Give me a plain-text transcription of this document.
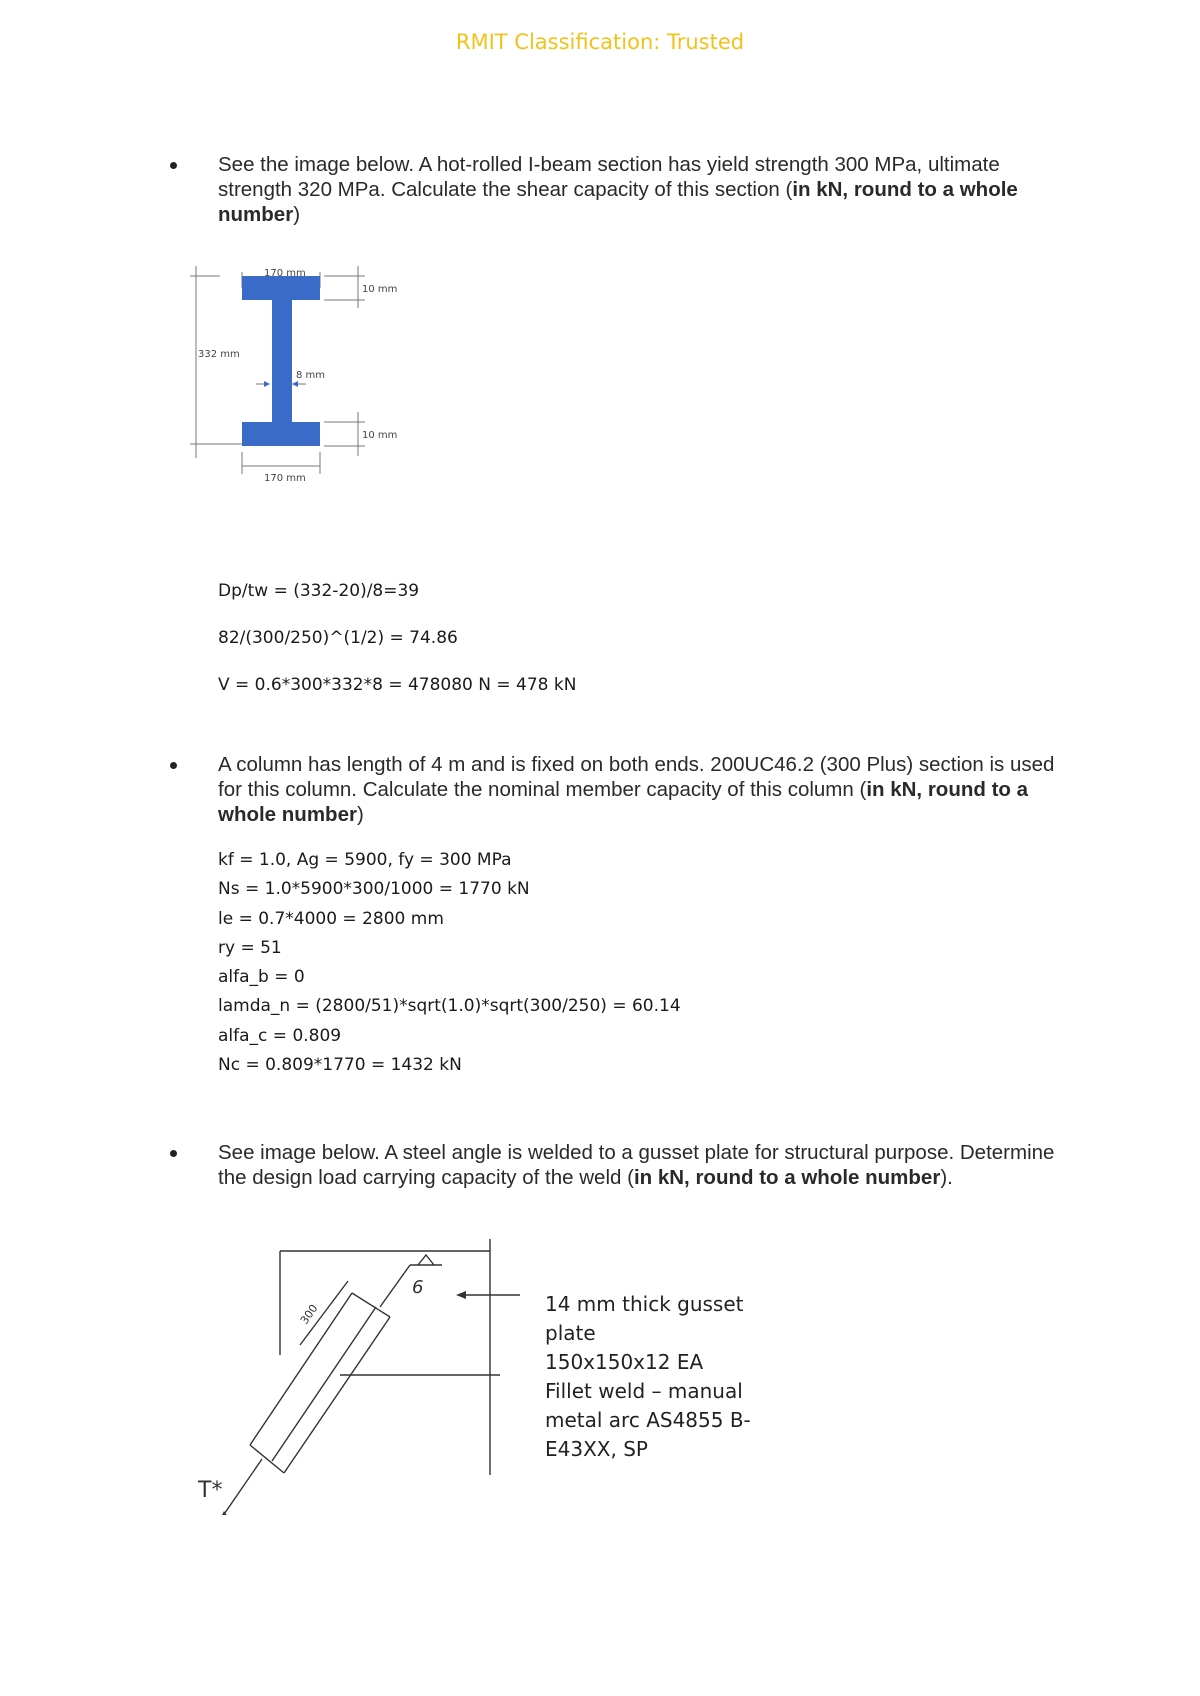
RMIT Classification: Trusted

See the image below. A hot-rolled I-beam section has yield strength 300 MPa, ultimate strength 320 MPa. Calculate the shear capacity of this section (in kN, round to a whole number)

170 mm
170 mm
10 mm
10 mm
8 mm
332 mm
Dp/tw = (332-20)/8=39
82/(300/250)^(1/2) = 74.86
V = 0.6*300*332*8 = 478080 N = 478 kN

A column has length of 4 m and is fixed on both ends. 200UC46.2 (300 Plus) section is used for this column. Calculate the nominal member capacity of this column (in kN, round to a whole number)

kf = 1.0, Ag = 5900, fy = 300 MPa
Ns = 1.0*5900*300/1000 = 1770 kN
le = 0.7*4000 = 2800 mm
ry = 51
alfa_b = 0
lamda_n = (2800/51)*sqrt(1.0)*sqrt(300/250) = 60.14
alfa_c = 0.809
Nc = 0.809*1770 = 1432 kN

See image below. A steel angle is welded to a gusset plate for structural purpose. Determine the design load carrying capacity of the weld (in kN, round to a whole number).

300
6
T*
14 mm thick gusset
plate
150x150x12 EA
Fillet weld – manual
metal arc AS4855 B-
E43XX, SP
